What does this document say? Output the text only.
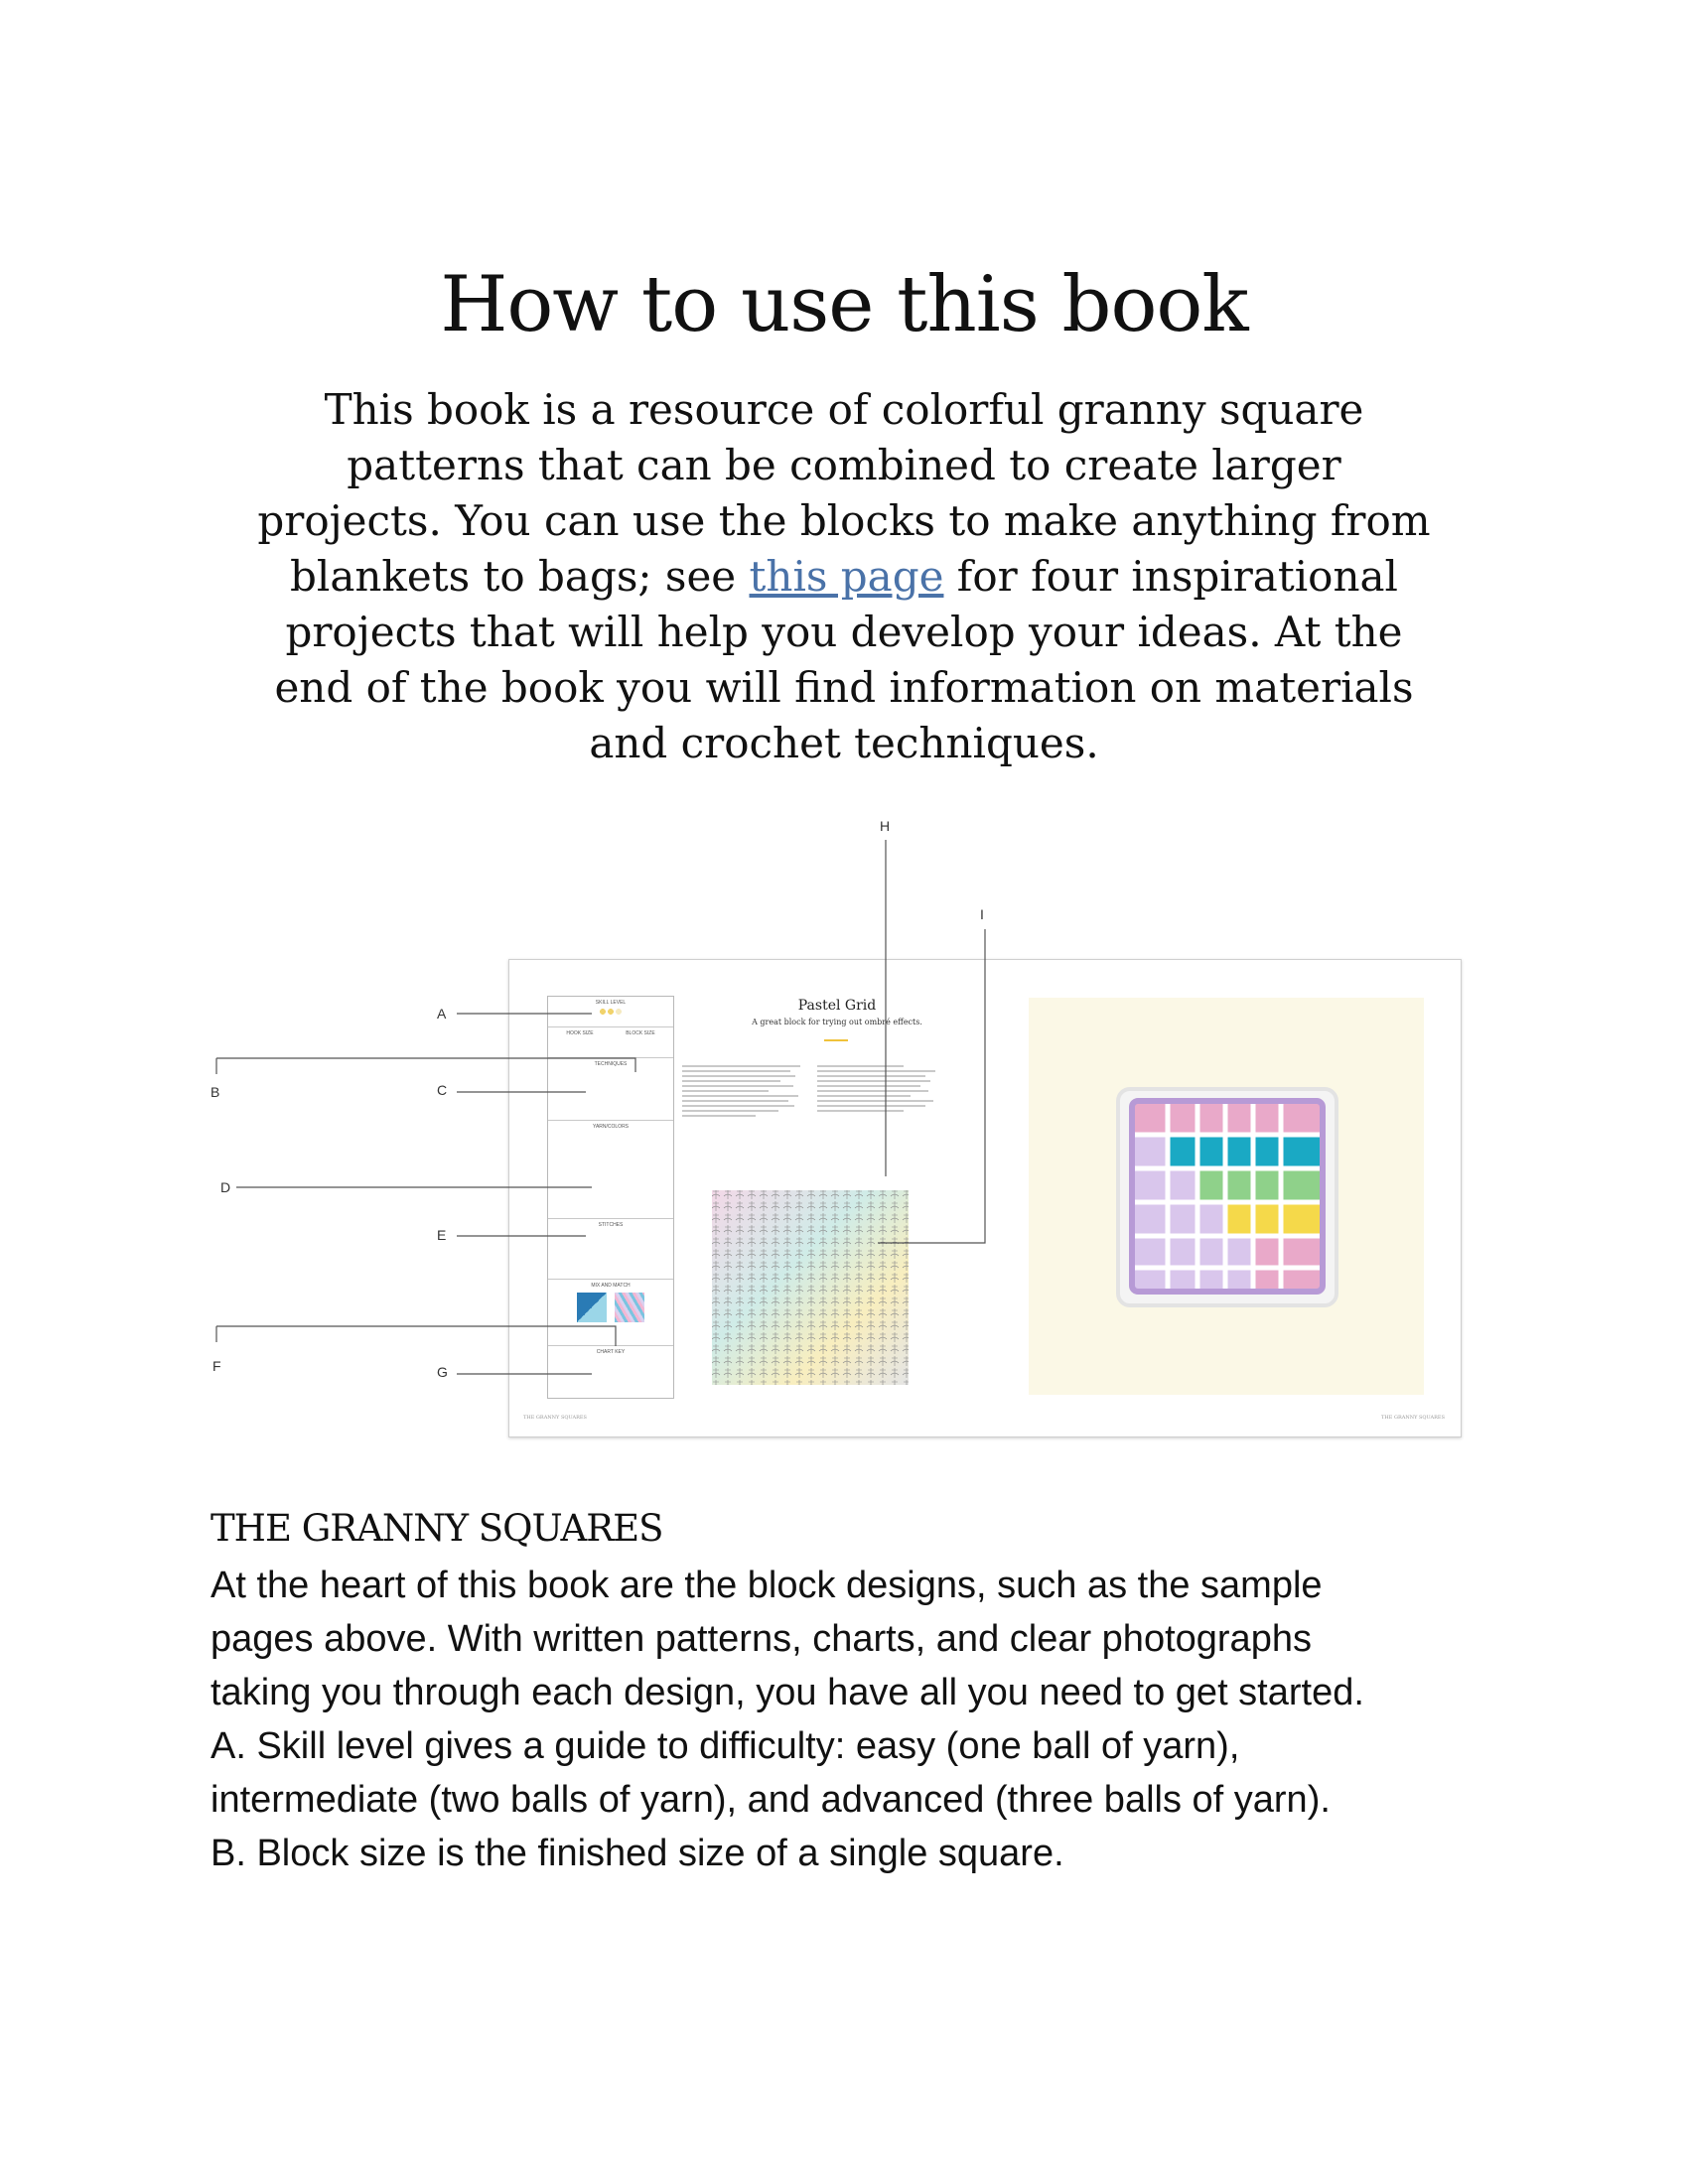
How to use this book
This book is a resource of colorful granny square patterns that can be combined to create larger projects. You can use the blocks to make anything from blankets to bags; see this page for four inspirational projects that will help you develop your ideas. At the end of the book you will find information on materials and crochet techniques.
SKILL LEVEL
HOOK SIZE	BLOCK SIZE
TECHNIQUES
YARN/COLORS
STITCHES
MIX AND MATCH
CHART KEY
Pastel Grid
A great block for trying out ombré effects.
THE GRANNY SQUARES	THE GRANNY SQUARES
A
B	C
D
E
F	G
H
I
THE GRANNY SQUARES
At the heart of this book are the block designs, such as the sample
pages above. With written patterns, charts, and clear photographs
taking you through each design, you have all you need to get started.
A. Skill level gives a guide to difficulty: easy (one ball of yarn),
intermediate (two balls of yarn), and advanced (three balls of yarn).
B. Block size is the finished size of a single square.
